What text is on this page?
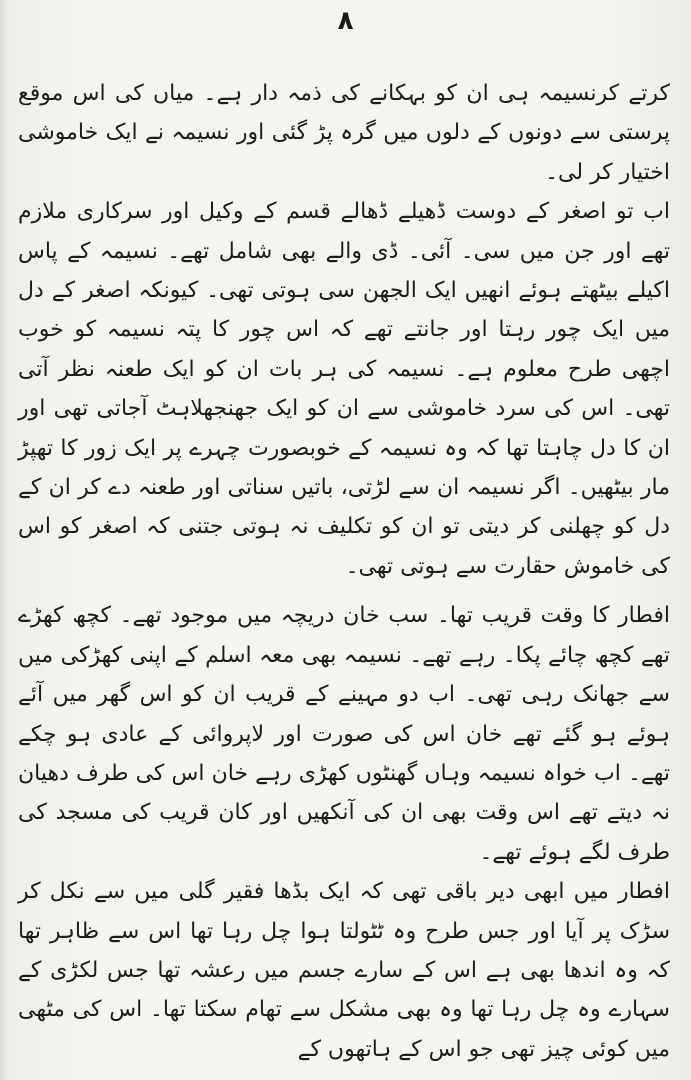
۸

کرتے کرنسیمہ ہی ان کو بہکانے کی ذمہ دار ہے۔ میاں کی اس موقع پرستی سے دونوں کے دلوں میں گرہ پڑ گئی اور نسیمہ نے ایک خاموشی اختیار کر لی۔

اب تو اصغر کے دوست ڈھیلے ڈھالے قسم کے وکیل اور سرکاری ملازم تھے اور جن میں سی۔ آئی۔ ڈی والے بھی شامل تھے۔ نسیمہ کے پاس اکیلے بیٹھتے ہوئے انھیں ایک الجھن سی ہوتی تھی۔ کیونکہ اصغر کے دل میں ایک چور رہتا اور جانتے تھے کہ اس چور کا پتہ نسیمہ کو خوب اچھی طرح معلوم ہے۔ نسیمہ کی ہر بات ان کو ایک طعنہ نظر آتی تھی۔ اس کی سرد خاموشی سے ان کو ایک جھنجھلاہٹ آجاتی تھی اور ان کا دل چاہتا تھا کہ وہ نسیمہ کے خوبصورت چہرے پر ایک زور کا تھپڑ مار بیٹھیں۔ اگر نسیمہ ان سے لڑتی، باتیں سناتی اور طعنہ دے کر ان کے دل کو چھلنی کر دیتی تو ان کو تکلیف نہ ہوتی جتنی کہ اصغر کو اس کی خاموش حقارت سے ہوتی تھی۔

افطار کا وقت قریب تھا۔ سب خان دریچہ میں موجود تھے۔ کچھ کھڑے تھے کچھ چائے پکا۔ رہے تھے۔ نسیمہ بھی معہ اسلم کے اپنی کھڑکی میں سے جھانک رہی تھی۔ اب دو مہینے کے قریب ان کو اس گھر میں آئے ہوئے ہو گئے تھے خان اس کی صورت اور لاپروائی کے عادی ہو چکے تھے۔ اب خواہ نسیمہ وہاں گھنٹوں کھڑی رہے خان اس کی طرف دھیان نہ دیتے تھے اس وقت بھی ان کی آنکھیں اور کان قریب کی مسجد کی طرف لگے ہوئے تھے۔

افطار میں ابھی دیر باقی تھی کہ ایک بڈھا فقیر گلی میں سے نکل کر سڑک پر آیا اور جس طرح وہ ٹٹولتا ہوا چل رہا تھا اس سے ظاہر تھا کہ وہ اندھا بھی ہے اس کے سارے جسم میں رعشہ تھا جس لکڑی کے سہارے وہ چل رہا تھا وہ بھی مشکل سے تھام سکتا تھا۔ اس کی مٹھی میں کوئی چیز تھی جو اس کے ہاتھوں کے
